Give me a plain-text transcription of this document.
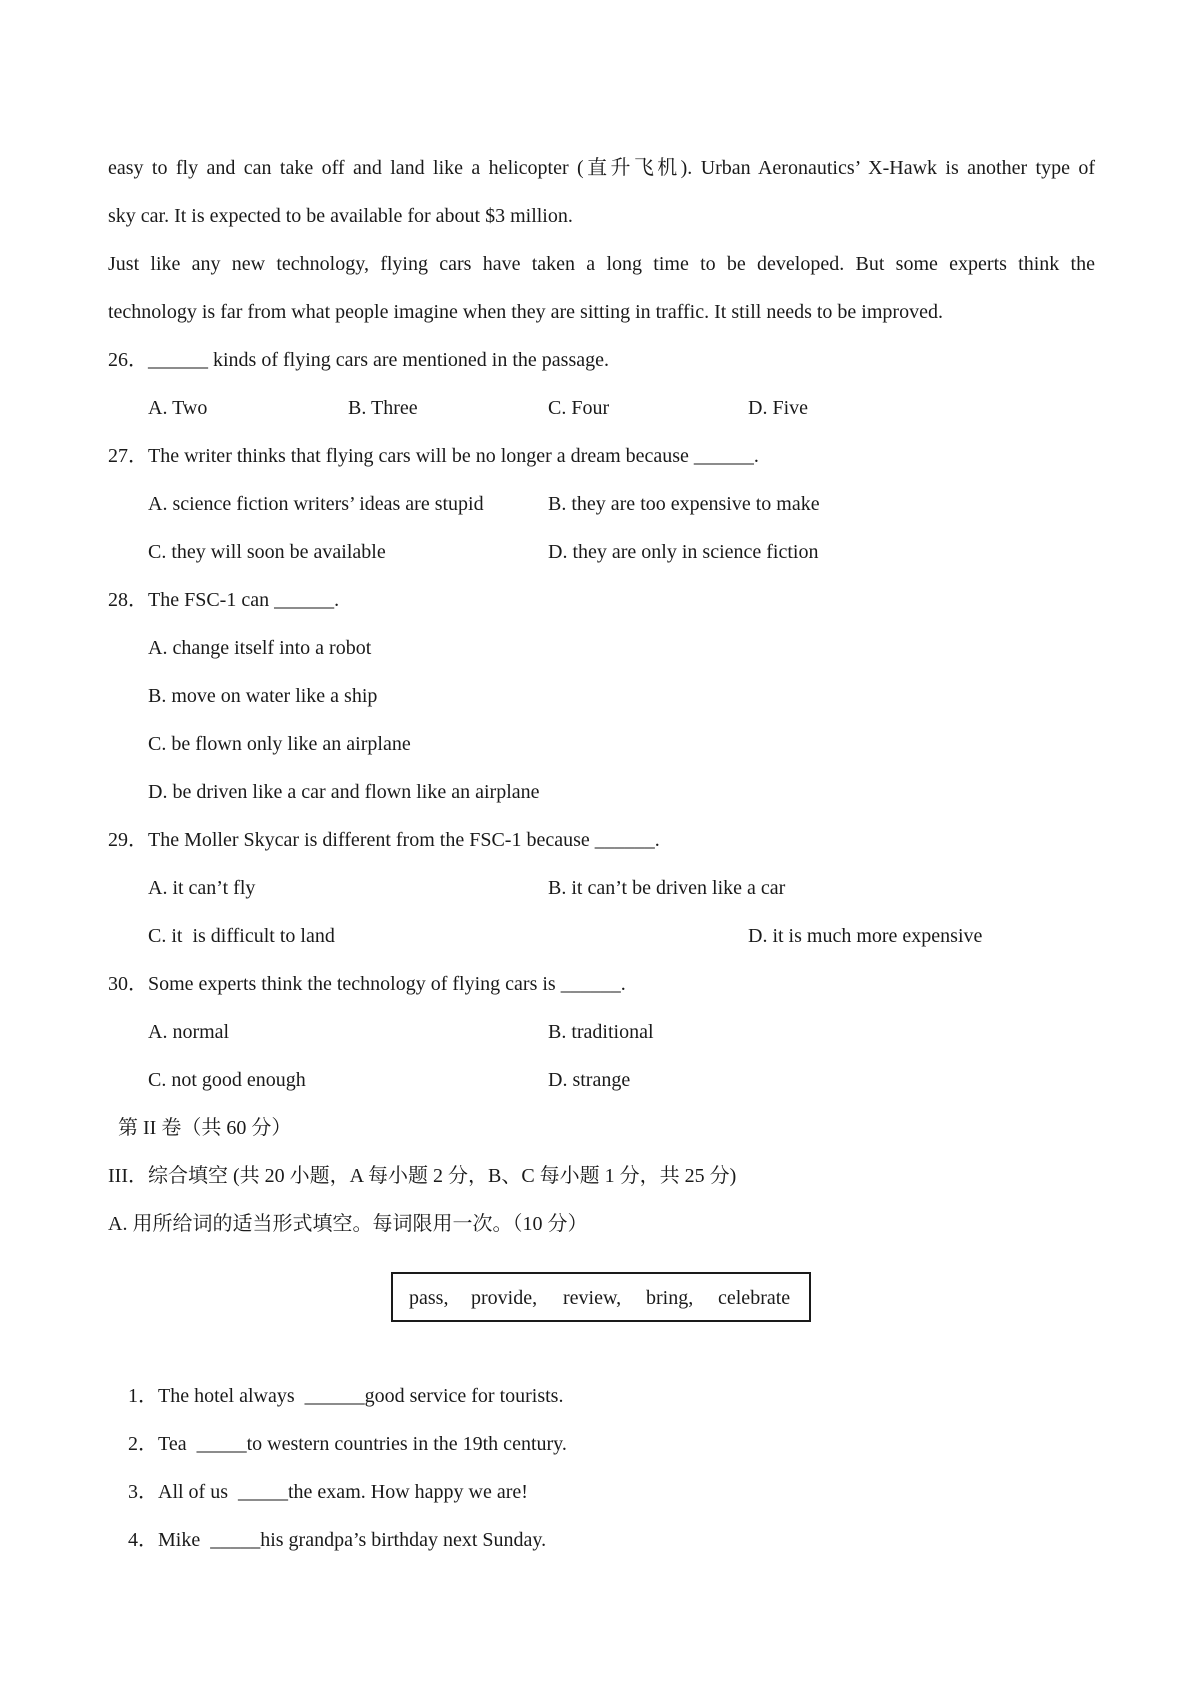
easy to fly and can take off and land like a helicopter (直升飞机). Urban Aeronautics’ X-Hawk is another type of
sky car. It is expected to be available for about $3 million.
Just like any new technology, flying cars have taken a long time to be developed. But some experts think the
technology is far from what people imagine when they are sitting in traffic. It still needs to be improved.
26．______ kinds of flying cars are mentioned in the passage.
A. Two	B. Three	C. Four	D. Five
27．The writer thinks that flying cars will be no longer a dream because ______.
A. science fiction writers’ ideas are stupid	B. they are too expensive to make
C. they will soon be available	D. they are only in science fiction
28．The FSC-1 can ______.
A. change itself into a robot
B. move on water like a ship
C. be flown only like an airplane
D. be driven like a car and flown like an airplane
29．The Moller Skycar is different from the FSC-1 because ______.
A. it can’t fly	B. it can’t be driven like a car
C. it  is difficult to land	D. it is much more expensive
30．Some experts think the technology of flying cars is ______.
A. normal	B. traditional
C. not good enough	D. strange
第 II 卷（共 60 分）
III．综合填空 (共 20 小题，A 每小题 2 分，B、C 每小题 1 分，共 25 分)
A. 用所给词的适当形式填空。每词限用一次。（10 分）
pass, provide, review, bring, celebrate

1．The hotel always  ______good service for tourists.

2．Tea  _____to western countries in the 19th century.

3．All of us  _____the exam. How happy we are!

4．Mike  _____his grandpa’s birthday next Sunday.
